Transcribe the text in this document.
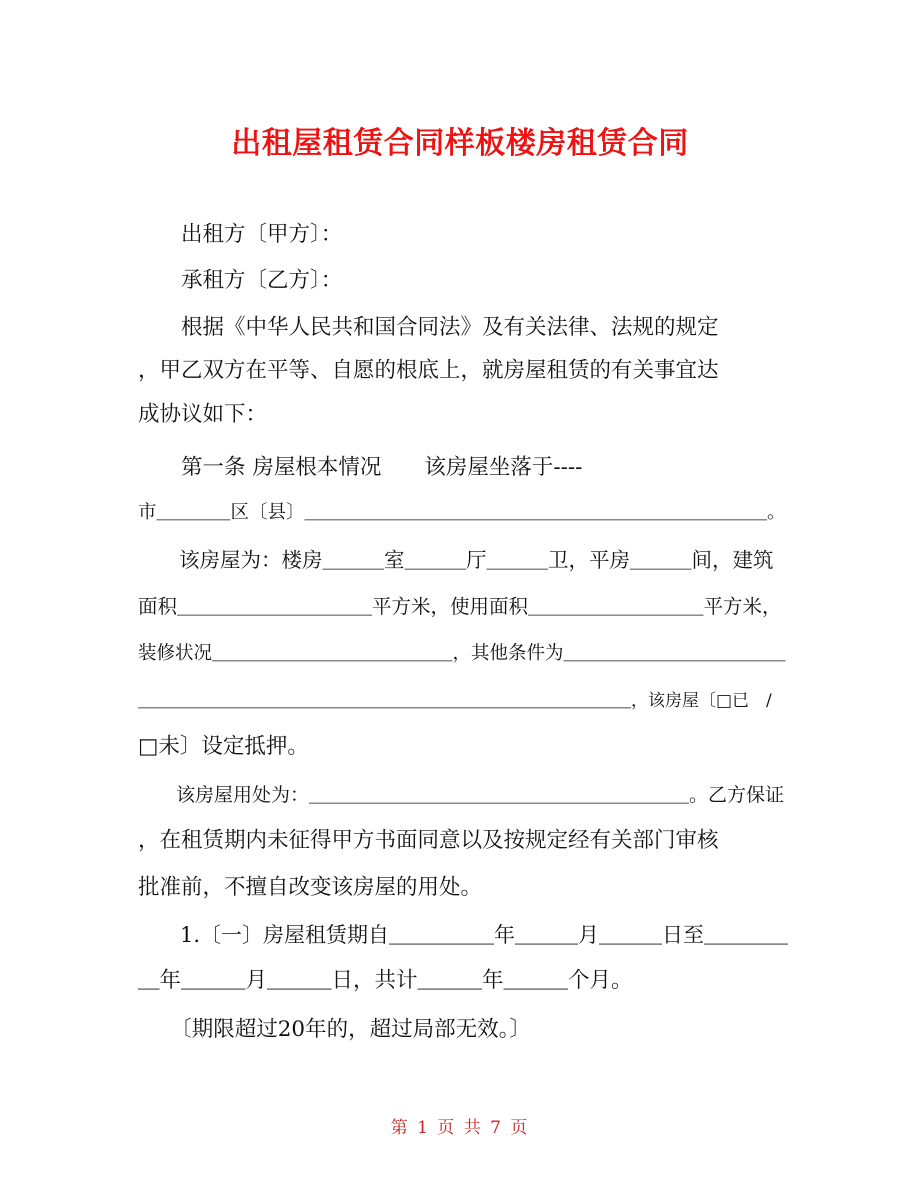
出租屋租赁合同样板楼房租赁合同
　　出租方〔甲方〕：
　　承租方〔乙方〕：
　　根据《中华人民共和国合同法》及有关法律、法规的规定
，甲乙双方在平等、自愿的根底上，就房屋租赁的有关事宜达
成协议如下：
　　第一条 房屋根本情况　　该房屋坐落于----
市＿＿＿＿区〔县〕＿＿＿＿＿＿＿＿＿＿＿＿＿＿＿＿＿＿＿＿＿＿＿＿＿。
　　该房屋为：楼房＿＿＿室＿＿＿厅＿＿＿卫，平房＿＿＿间，建筑
面积＿＿＿＿＿＿＿＿＿＿平方米，使用面积＿＿＿＿＿＿＿＿＿平方米，
装修状况＿＿＿＿＿＿＿＿＿＿＿＿＿，其他条件为＿＿＿＿＿＿＿＿＿＿＿＿
＿＿＿＿＿＿＿＿＿＿＿＿＿＿＿＿＿＿＿＿＿＿＿＿＿＿＿＿＿，该房屋〔□已　/
□未〕设定抵押。
　　该房屋用处为：＿＿＿＿＿＿＿＿＿＿＿＿＿＿＿＿＿＿＿＿。乙方保证
，在租赁期内未征得甲方书面同意以及按规定经有关部门审核
批准前，不擅自改变该房屋的用处。
　　1.〔一〕房屋租赁期自＿＿＿＿＿年＿＿＿月＿＿＿日至＿＿＿＿
＿年＿＿＿月＿＿＿日，共计＿＿＿年＿＿＿个月。
　　〔期限超过20年的，超过局部无效。〕
第 1 页 共 7 页
